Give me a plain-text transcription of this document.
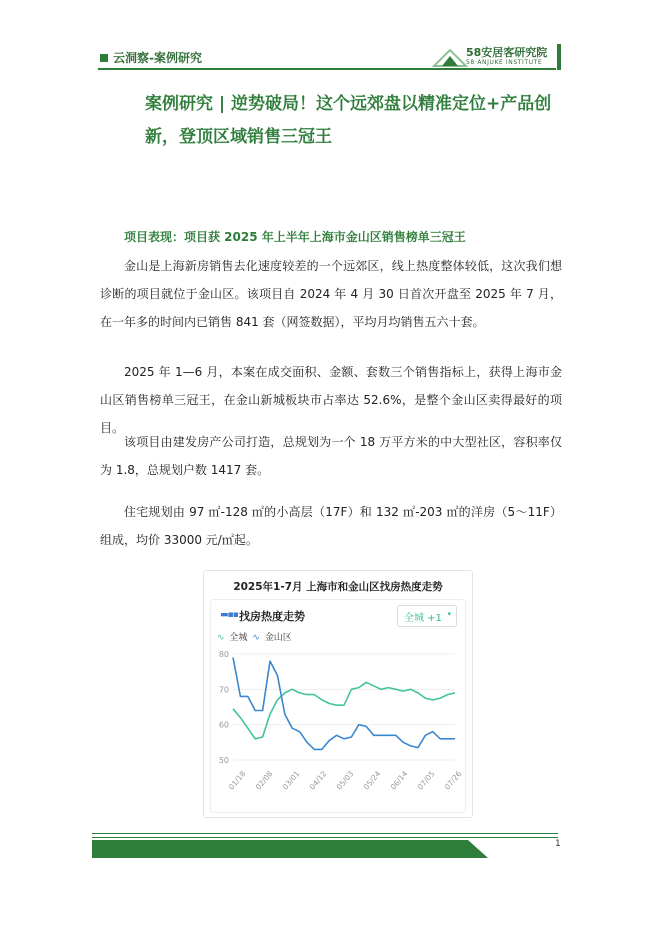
云洞察-案例研究	58安居客研究院
58·ANJUKE INSTITUTE
案例研究 | 逆势破局！这个远郊盘以精准定位+产品创新，登顶区域销售三冠王
项目表现：项目获 2025 年上半年上海市金山区销售榜单三冠王

金山是上海新房销售去化速度较差的一个远郊区，线上热度整体较低，这次我们想诊断的项目就位于金山区。该项目自 2024 年 4 月 30 日首次开盘至 2025 年 7 月，在一年多的时间内已销售 841 套（网签数据），平均月均销售五六十套。

2025 年 1—6 月，本案在成交面积、金额、套数三个销售指标上，获得上海市金山区销售榜单三冠王，在金山新城板块市占率达 52.6%，是整个金山区卖得最好的项目。

该项目由建发房产公司打造，总规划为一个 18 万平方米的中大型社区，容积率仅为 1.8，总规划户数 1417 套。

住宅规划由 97 ㎡-128 ㎡的小高层（17F）和 132 ㎡-203 ㎡的洋房（5～11F）组成，均价 33000 元/㎡起。

2025年1-7月 上海市和金山区找房热度走势
▬▪▪ 找房热度走势	全城 +1 ▾
∿ 全城 ∿ 金山区
50
60
70
80
01/18 02/08 03/01 04/12 05/03 05/24 06/14 07/05 07/26
1
